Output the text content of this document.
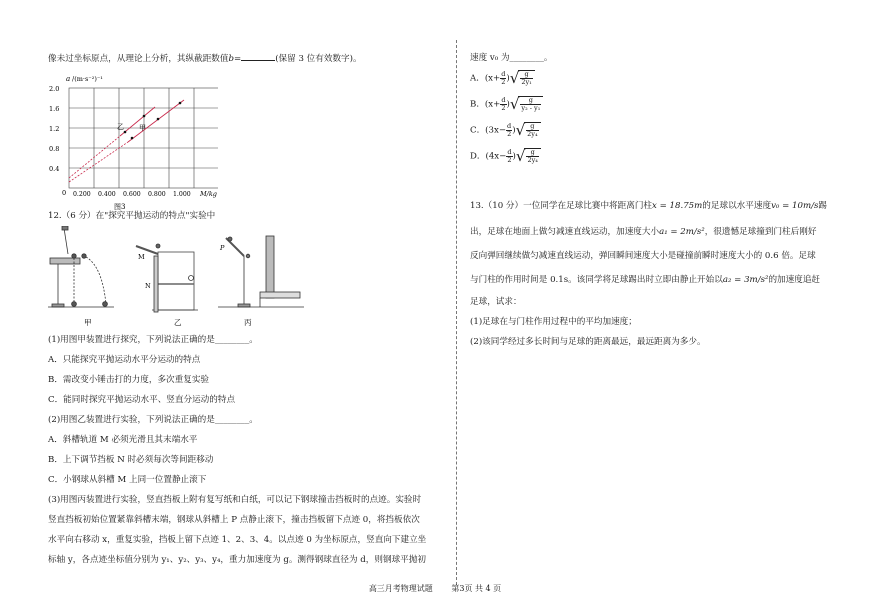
像未过坐标原点，从理论上分析，其纵截距数值b=	(保留 3 位有效数字)。
a /(m·s⁻²)⁻¹
2.0
1.6
1.2
0.8
0.4
0 0.200 0.400 0.600 0.800 1.000 M/kg
乙 甲
图3
12.（6 分）在"探究平抛运动的特点"实验中
甲
M
N
乙
P
丙
(1)用图甲装置进行探究，下列说法正确的是________。
A．只能探究平抛运动水平分运动的特点
B．需改变小锤击打的力度，多次重复实验
C．能同时探究平抛运动水平、竖直分运动的特点
(2)用图乙装置进行实验，下列说法正确的是________。
A．斜槽轨道 M 必须光滑且其末端水平
B．上下调节挡板 N 时必须每次等间距移动
C．小钢球从斜槽 M 上同一位置静止滚下
(3)用图丙装置进行实验，竖直挡板上附有复写纸和白纸，可以记下钢球撞击挡板时的点迹。实验时
竖直挡板初始位置紧靠斜槽末端，钢球从斜槽上 P 点静止滚下，撞击挡板留下点迹 0，将挡板依次
水平向右移动 x，重复实验，挡板上留下点迹 1、2、3、4。以点迹 0 为坐标原点，竖直向下建立坐
标轴 y，各点迹坐标值分别为 y₁、y₂、y₃、y₄，重力加速度为 g。测得钢球直径为 d，则钢球平抛初
速度 v₀ 为________。
A．($x+ \frac{d}{2}$ )√ $\frac{g}{\text{2y₁}}$
B．($x+ \frac{d}{2}$ )√ $\frac{g}{\text{y₂ - y₁}}$
C．($3x- \frac{d}{2}$ )√ $\frac{g}{\text{2y₄}}$
D．($4x- \frac{d}{2}$ )√ $\frac{g}{\text{2y₄}}$
13.（10 分）一位同学在足球比赛中将距离门柱x = 18.75m的足球以水平速度v₀ = 10m/s踢
出，足球在地面上做匀减速直线运动，加速度大小a₁ = 2m/s²，很遗憾足球撞到门柱后刚好
反向弹回继续做匀减速直线运动，弹回瞬间速度大小是碰撞前瞬时速度大小的 0.6 倍。足球
与门柱的作用时间是 0.1s。该同学将足球踢出时立即由静止开始以a₂ = 3m/s²的加速度追赶
足球，试求：
(1)足球在与门柱作用过程中的平均加速度；
(2)该同学经过多长时间与足球的距离最远，最远距离为多少。
高三月考物理试题 第3页 共 4 页
